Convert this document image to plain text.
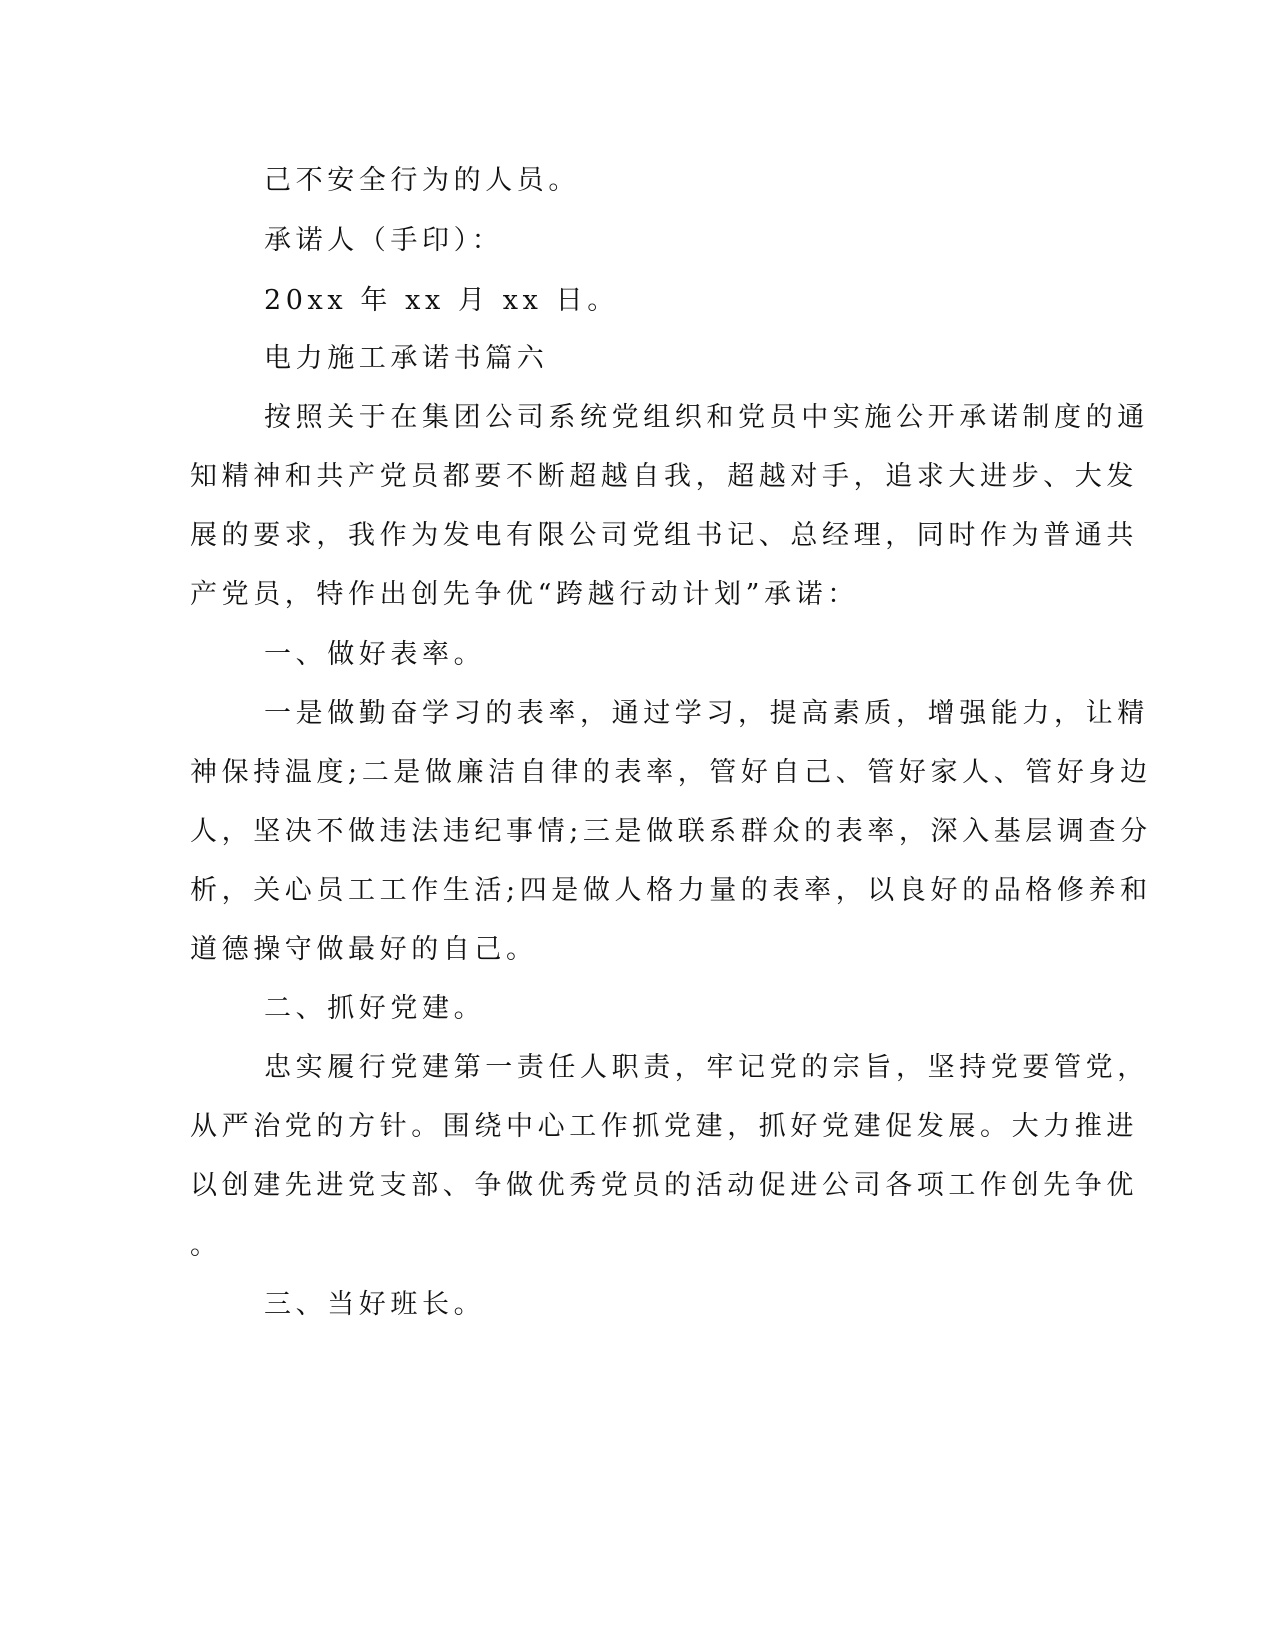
己不安全行为的人员。
承诺人（手印）：
20xx 年 xx 月 xx 日。
电力施工承诺书篇六
按照关于在集团公司系统党组织和党员中实施公开承诺制度的通
知精神和共产党员都要不断超越自我，超越对手，追求大进步、大发
展的要求，我作为发电有限公司党组书记、总经理，同时作为普通共
产党员，特作出创先争优“跨越行动计划”承诺：
一、做好表率。
一是做勤奋学习的表率，通过学习，提高素质，增强能力，让精
神保持温度;二是做廉洁自律的表率，管好自己、管好家人、管好身边
人，坚决不做违法违纪事情;三是做联系群众的表率，深入基层调查分
析，关心员工工作生活;四是做人格力量的表率，以良好的品格修养和
道德操守做最好的自己。
二、抓好党建。
忠实履行党建第一责任人职责，牢记党的宗旨，坚持党要管党，
从严治党的方针。围绕中心工作抓党建，抓好党建促发展。大力推进
以创建先进党支部、争做优秀党员的活动促进公司各项工作创先争优
。
三、当好班长。
